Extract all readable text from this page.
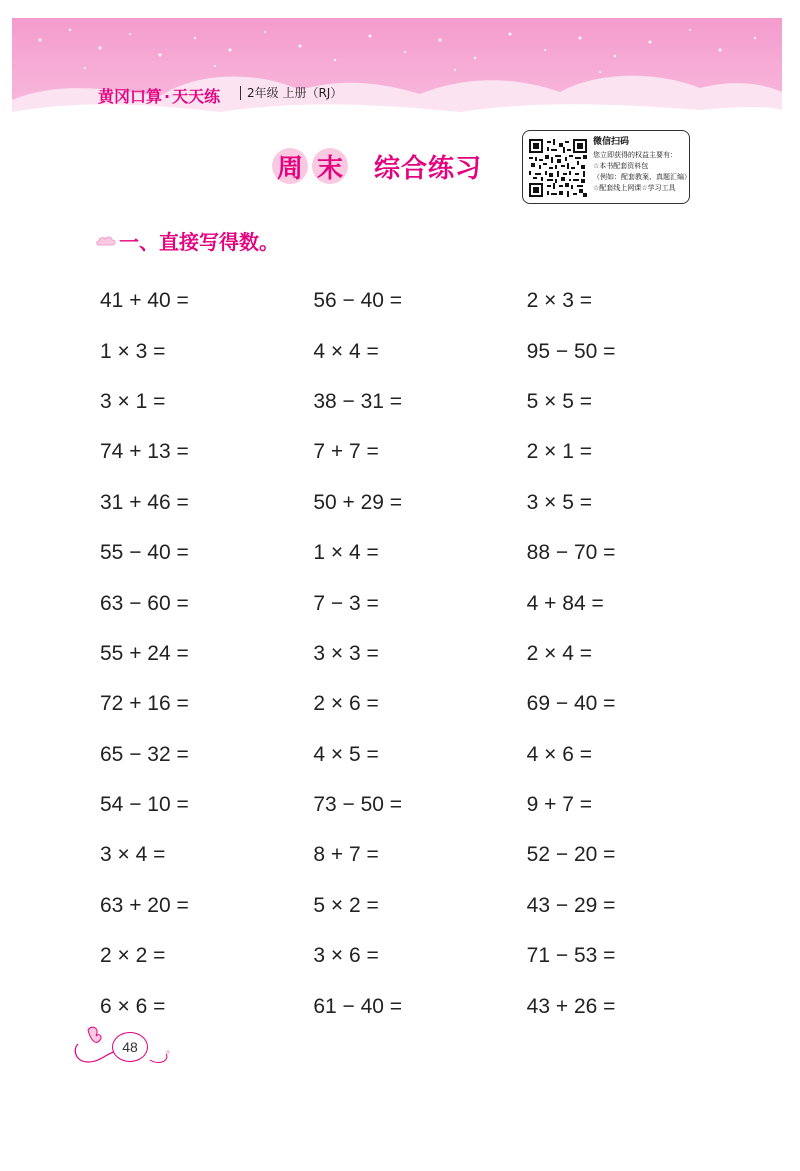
黄冈口算 · 天天练	2年级 上册（RJ）
周 末 综合练习
微信扫码
您立即获得的权益主要有：
☆本书配套资料包
（例如：配套教案、真题汇编）
☆配套线上网课☆学习工具
一、直接写得数。
41 + 40 =	56 − 40 =	2 × 3 =
1 × 3 =	4 × 4 =	95 − 50 =
3 × 1 =	38 − 31 =	5 × 5 =
74 + 13 =	7 + 7 =	2 × 1 =
31 + 46 =	50 + 29 =	3 × 5 =
55 − 40 =	1 × 4 =	88 − 70 =
63 − 60 =	7 − 3 =	4 + 84 =
55 + 24 =	3 × 3 =	2 × 4 =
72 + 16 =	2 × 6 =	69 − 40 =
65 − 32 =	4 × 5 =	4 × 6 =
54 − 10 =	73 − 50 =	9 + 7 =
3 × 4 =	8 + 7 =	52 − 20 =
63 + 20 =	5 × 2 =	43 − 29 =
2 × 2 =	3 × 6 =	71 − 53 =
6 × 6 =	61 − 40 =	43 + 26 =
48
